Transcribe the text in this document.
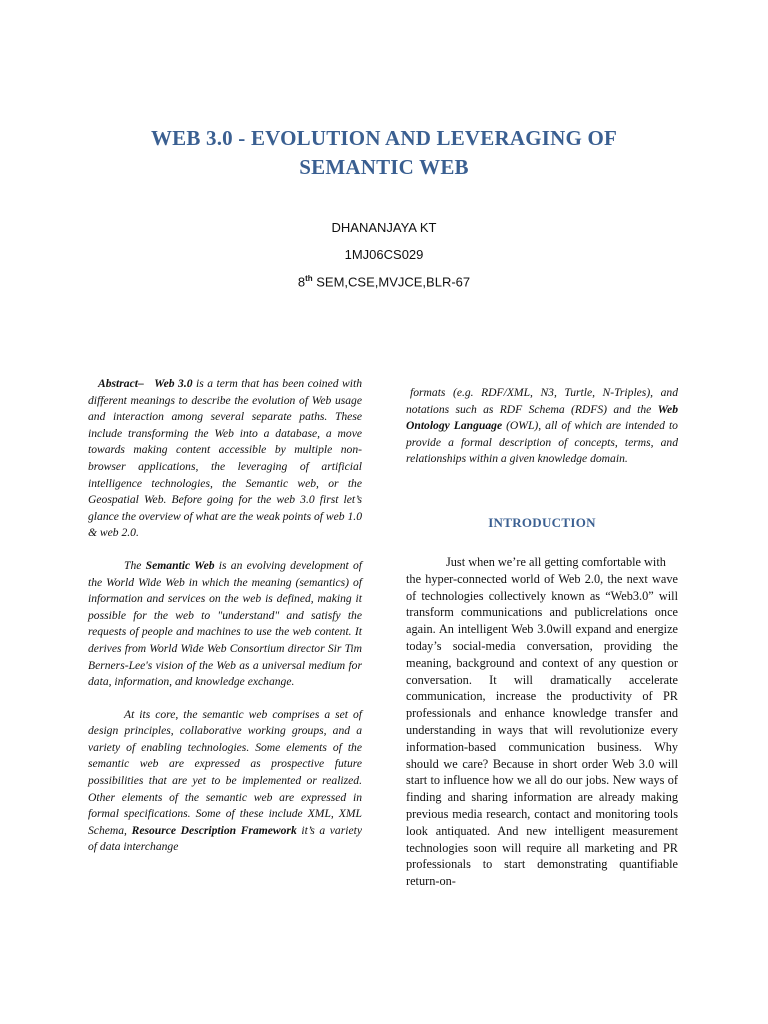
WEB 3.0 - EVOLUTION AND LEVERAGING OF
SEMANTIC WEB
DHANANJAYA KT
1MJ06CS029
8th SEM,CSE,MVJCE,BLR-67

Abstract– Web 3.0 is a term that has been coined with different meanings to describe the evolution of Web usage and interaction among several separate paths. These include transforming the Web into a database, a move towards making content accessible by multiple non-browser applications, the leveraging of artificial intelligence technologies, the Semantic web, or the Geospatial Web. Before going for the web 3.0 first let’s glance the overview of what are the weak points of web 1.0 & web 2.0.

The Semantic Web is an evolving development of the World Wide Web in which the meaning (semantics) of information and services on the web is defined, making it possible for the web to "understand" and satisfy the requests of people and machines to use the web content. It derives from World Wide Web Consortium director Sir Tim Berners-Lee's vision of the Web as a universal medium for data, information, and knowledge exchange.

At its core, the semantic web comprises a set of design principles, collaborative working groups, and a variety of enabling technologies. Some elements of the semantic web are expressed as prospective future possibilities that are yet to be implemented or realized. Other elements of the semantic web are expressed in formal specifications. Some of these include XML, XML Schema, Resource Description Framework it’s a variety of data interchange

formats (e.g. RDF/XML, N3, Turtle, N-Triples), and notations such as RDF Schema (RDFS) and the Web Ontology Language (OWL), all of which are intended to provide a formal description of concepts, terms, and relationships within a given knowledge domain.

INTRODUCTION

Just when we’re all getting comfortable with

the hyper-connected world of Web 2.0, the next wave of technologies collectively known as “Web3.0” will transform communications and publicrelations once again. An intelligent Web 3.0will expand and energize today’s social-media conversation, providing the meaning, background and context of any question or conversation. It will dramatically accelerate communication, increase the productivity of PR professionals and enhance knowledge transfer and understanding in ways that will revolutionize every information-based communication business. Why should we care? Because in short order Web 3.0 will start to influence how we all do our jobs. New ways of finding and sharing information are already making previous media research, contact and monitoring tools look antiquated. And new intelligent measurement technologies soon will require all marketing and PR professionals to start demonstrating quantifiable return-on-
